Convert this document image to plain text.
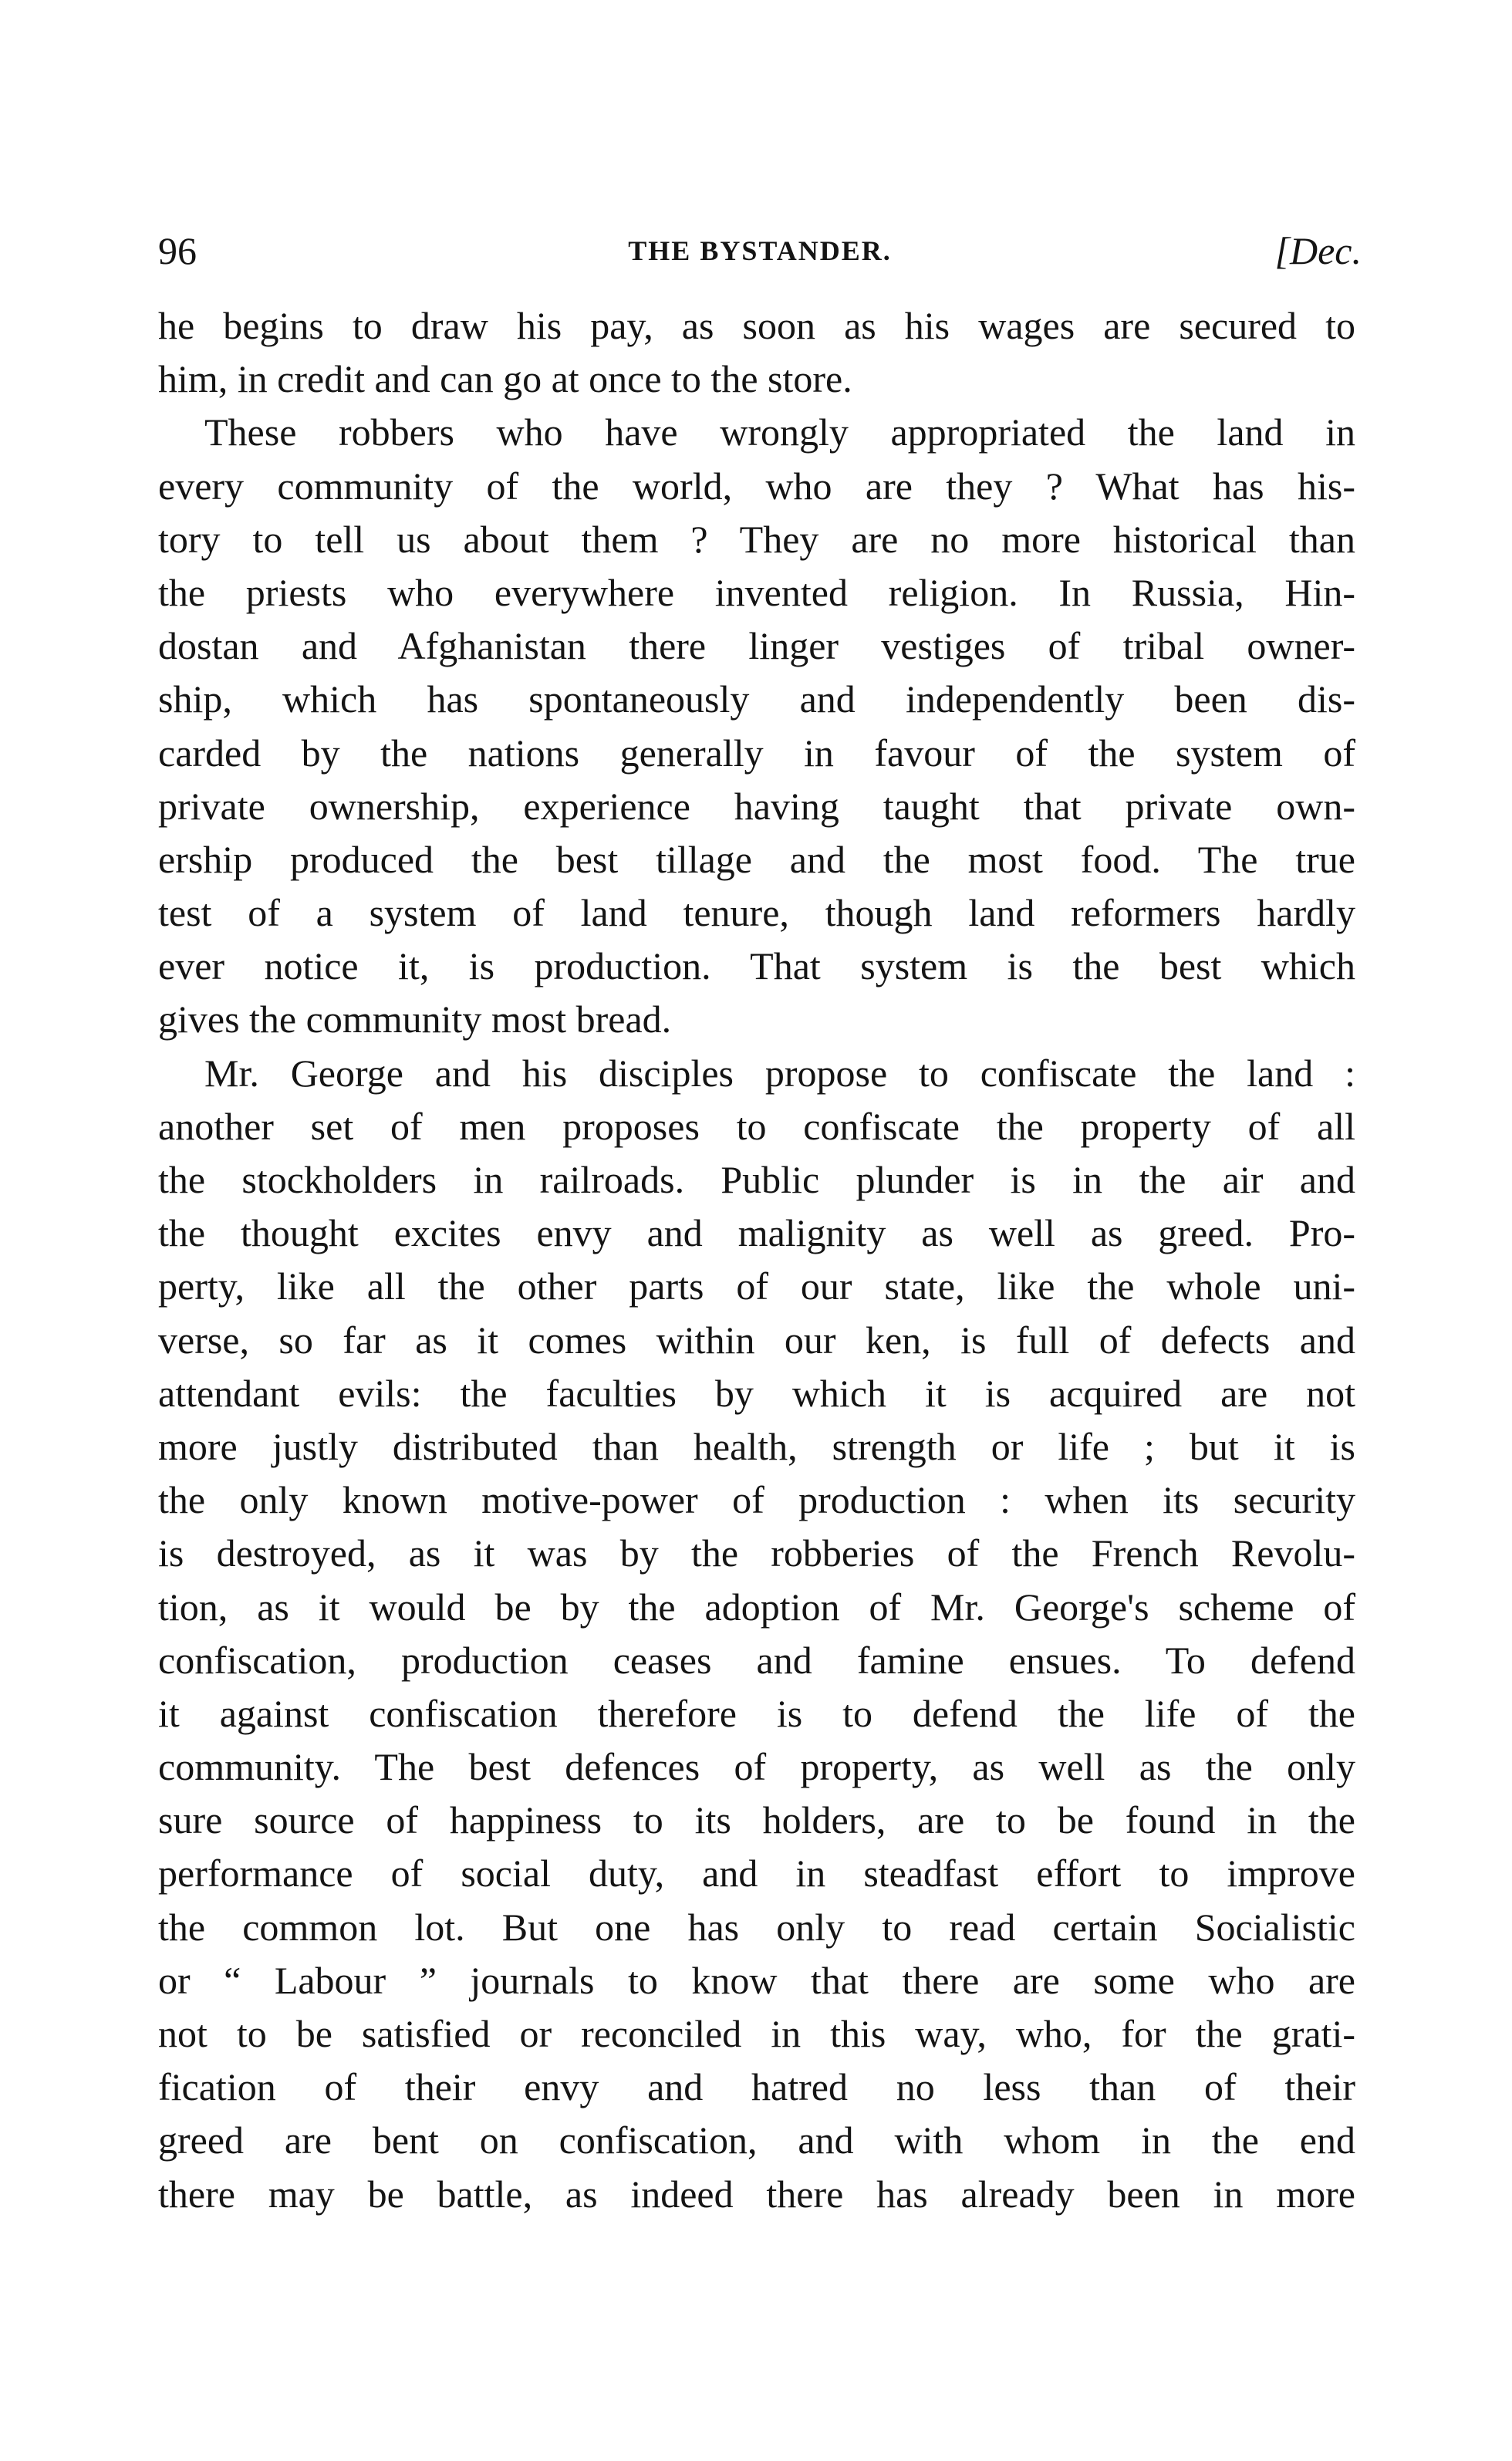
96	THE BYSTANDER.	[Dec.
he begins to draw his pay, as soon as his wages are secured to
him, in credit and can go at once to the store.
These robbers who have wrongly appropriated the land in
every community of the world, who are they ? What has his-
tory to tell us about them ? They are no more historical than
the priests who everywhere invented religion. In Russia, Hin-
dostan and Afghanistan there linger vestiges of tribal owner-
ship, which has spontaneously and independently been dis-
carded by the nations generally in favour of the system of
private ownership, experience having taught that private own-
ership produced the best tillage and the most food. The true
test of a system of land tenure, though land reformers hardly
ever notice it, is production. That system is the best which
gives the community most bread.
Mr. George and his disciples propose to confiscate the land :
another set of men proposes to confiscate the property of all
the stockholders in railroads. Public plunder is in the air and
the thought excites envy and malignity as well as greed. Pro-
perty, like all the other parts of our state, like the whole uni-
verse, so far as it comes within our ken, is full of defects and
attendant evils: the faculties by which it is acquired are not
more justly distributed than health, strength or life ; but it is
the only known motive-power of production : when its security
is destroyed, as it was by the robberies of the French Revolu-
tion, as it would be by the adoption of Mr. George's scheme of
confiscation, production ceases and famine ensues. To defend
it against confiscation therefore is to defend the life of the
community. The best defences of property, as well as the only
sure source of happiness to its holders, are to be found in the
performance of social duty, and in steadfast effort to improve
the common lot. But one has only to read certain Socialistic
or “ Labour ” journals to know that there are some who are
not to be satisfied or reconciled in this way, who, for the grati-
fication of their envy and hatred no less than of their
greed are bent on confiscation, and with whom in the end
there may be battle, as indeed there has already been in more
